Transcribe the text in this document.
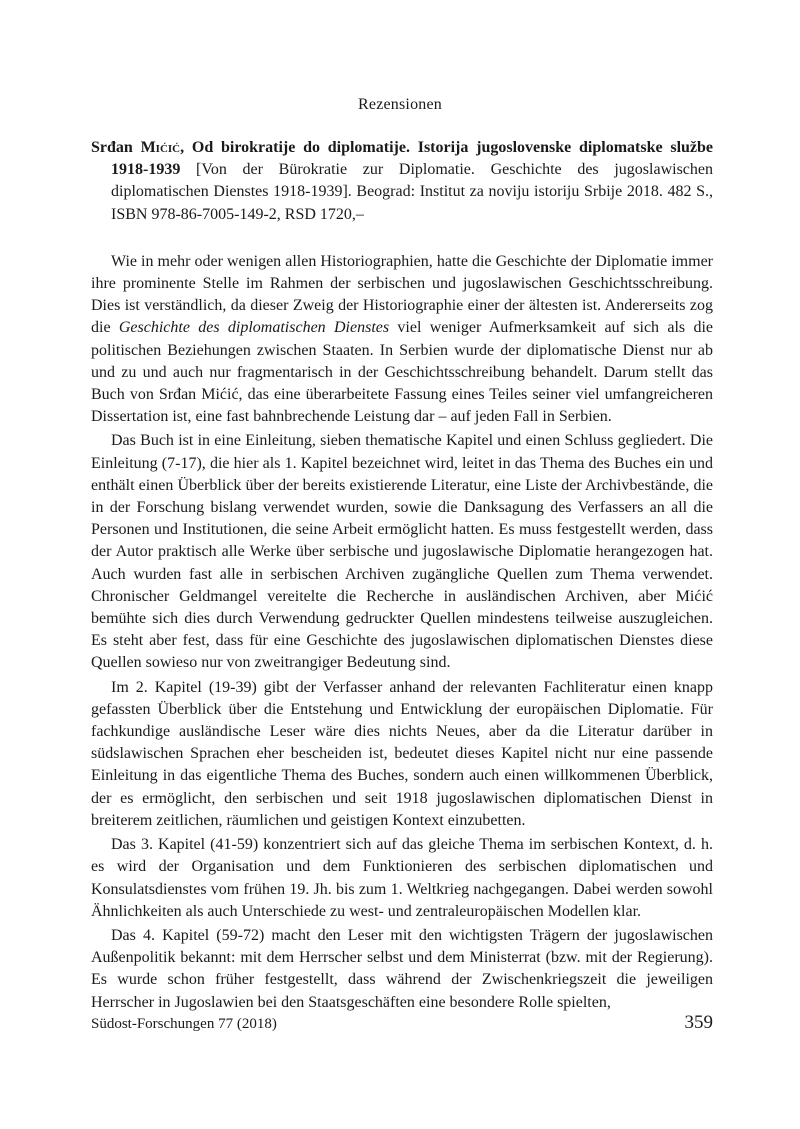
Rezensionen

Srđan Mićić, Od birokratije do diplomatije. Istorija jugoslovenske diplomatske službe 1918-1939 [Von der Bürokratie zur Diplomatie. Geschichte des jugoslawischen diplomatischen Dienstes 1918-1939]. Beograd: Institut za noviju istoriju Srbije 2018. 482 S., ISBN 978-86-7005-149-2, RSD 1720,–

Wie in mehr oder wenigen allen Historiographien, hatte die Geschichte der Diplomatie immer ihre prominente Stelle im Rahmen der serbischen und jugoslawischen Geschichtsschreibung. Dies ist verständlich, da dieser Zweig der Historiographie einer der ältesten ist. Andererseits zog die Geschichte des diplomatischen Dienstes viel weniger Aufmerksamkeit auf sich als die politischen Beziehungen zwischen Staaten. In Serbien wurde der diplomatische Dienst nur ab und zu und auch nur fragmentarisch in der Geschichtsschreibung behandelt. Darum stellt das Buch von Srđan Mićić, das eine überarbeitete Fassung eines Teiles seiner viel umfangreicheren Dissertation ist, eine fast bahnbrechende Leistung dar – auf jeden Fall in Serbien.

Das Buch ist in eine Einleitung, sieben thematische Kapitel und einen Schluss gegliedert. Die Einleitung (7-17), die hier als 1. Kapitel bezeichnet wird, leitet in das Thema des Buches ein und enthält einen Überblick über der bereits existierende Literatur, eine Liste der Archivbestände, die in der Forschung bislang verwendet wurden, sowie die Danksagung des Verfassers an all die Personen und Institutionen, die seine Arbeit ermöglicht hatten. Es muss festgestellt werden, dass der Autor praktisch alle Werke über serbische und jugoslawische Diplomatie herangezogen hat. Auch wurden fast alle in serbischen Archiven zugängliche Quellen zum Thema verwendet. Chronischer Geldmangel vereitelte die Recherche in ausländischen Archiven, aber Mićić bemühte sich dies durch Verwendung gedruckter Quellen mindestens teilweise auszugleichen. Es steht aber fest, dass für eine Geschichte des jugoslawischen diplomatischen Dienstes diese Quellen sowieso nur von zweitrangiger Bedeutung sind.

Im 2. Kapitel (19-39) gibt der Verfasser anhand der relevanten Fachliteratur einen knapp gefassten Überblick über die Entstehung und Entwicklung der europäischen Diplomatie. Für fachkundige ausländische Leser wäre dies nichts Neues, aber da die Literatur darüber in südslawischen Sprachen eher bescheiden ist, bedeutet dieses Kapitel nicht nur eine passende Einleitung in das eigentliche Thema des Buches, sondern auch einen willkommenen Überblick, der es ermöglicht, den serbischen und seit 1918 jugoslawischen diplomatischen Dienst in breiterem zeitlichen, räumlichen und geistigen Kontext einzubetten.

Das 3. Kapitel (41-59) konzentriert sich auf das gleiche Thema im serbischen Kontext, d. h. es wird der Organisation und dem Funktionieren des serbischen diplomatischen und Konsulatsdienstes vom frühen 19. Jh. bis zum 1. Weltkrieg nachgegangen. Dabei werden sowohl Ähnlichkeiten als auch Unterschiede zu west- und zentraleuropäischen Modellen klar.

Das 4. Kapitel (59-72) macht den Leser mit den wichtigsten Trägern der jugoslawischen Außenpolitik bekannt: mit dem Herrscher selbst und dem Ministerrat (bzw. mit der Regierung). Es wurde schon früher festgestellt, dass während der Zwischenkriegszeit die jeweiligen Herrscher in Jugoslawien bei den Staatsgeschäften eine besondere Rolle spielten,

Südost-Forschungen 77 (2018)	359
